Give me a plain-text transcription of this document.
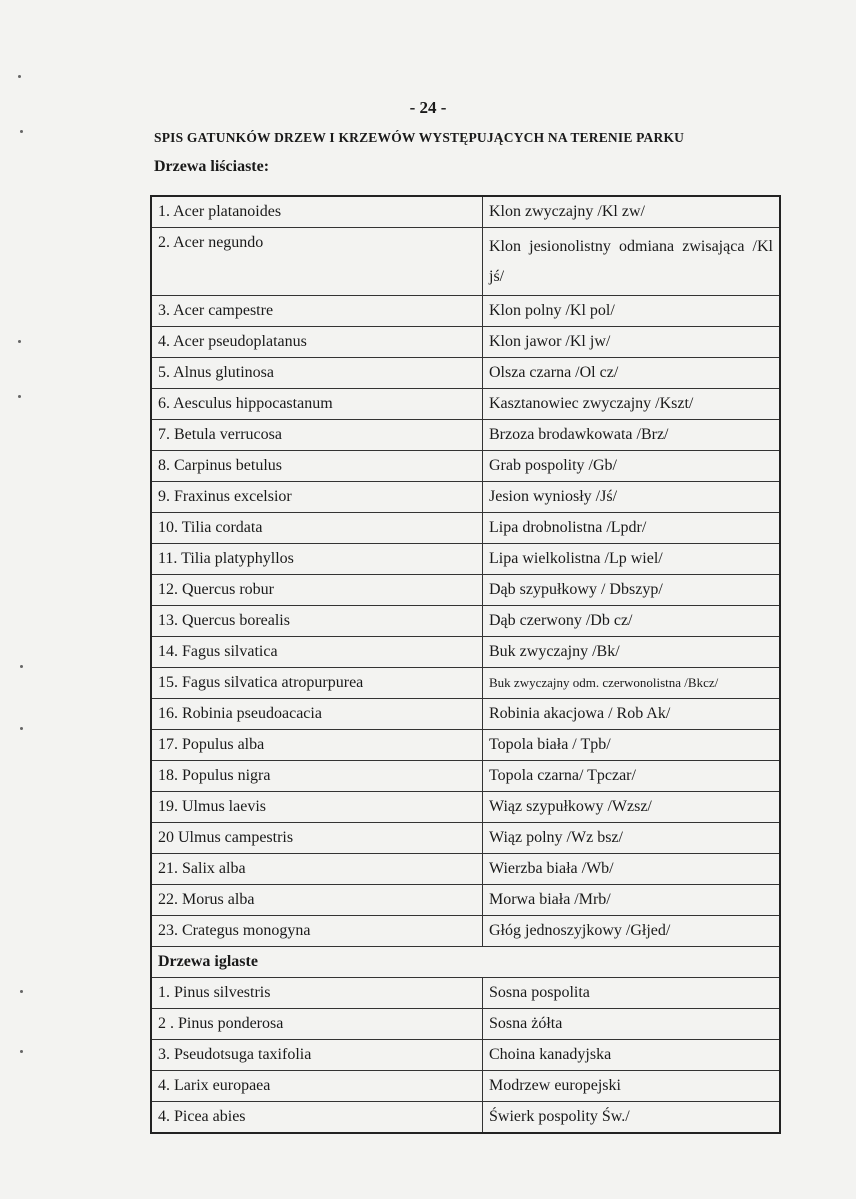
- 24 -
SPIS GATUNKÓW DRZEW I KRZEWÓW WYSTĘPUJĄCYCH NA TERENIE PARKU
Drzewa liściaste:
1. Acer platanoides	Klon zwyczajny /Kl zw/
2. Acer negundo	Klon jesionolistny odmiana zwisająca /Kl jś/
3. Acer campestre	Klon polny /Kl pol/
4. Acer pseudoplatanus	Klon jawor /Kl jw/
5. Alnus glutinosa	Olsza czarna /Ol cz/
6. Aesculus hippocastanum	Kasztanowiec zwyczajny /Kszt/
7. Betula verrucosa	Brzoza brodawkowata /Brz/
8. Carpinus betulus	Grab pospolity /Gb/
9. Fraxinus excelsior	Jesion wyniosły /Jś/
10. Tilia cordata	Lipa drobnolistna /Lpdr/
11. Tilia platyphyllos	Lipa wielkolistna /Lp wiel/
12. Quercus robur	Dąb szypułkowy / Dbszyp/
13. Quercus borealis	Dąb czerwony /Db cz/
14. Fagus silvatica	Buk zwyczajny /Bk/
15. Fagus silvatica atropurpurea	Buk zwyczajny odm. czerwonolistna /Bkcz/
16. Robinia pseudoacacia	Robinia akacjowa / Rob Ak/
17. Populus alba	Topola biała / Tpb/
18. Populus nigra	Topola czarna/ Tpczar/
19. Ulmus laevis	Wiąz szypułkowy /Wzsz/
20 Ulmus campestris	Wiąz polny /Wz bsz/
21. Salix alba	Wierzba biała /Wb/
22. Morus alba	Morwa biała /Mrb/
23. Crategus monogyna	Głóg jednoszyjkowy /Głjed/
Drzewa iglaste	
1. Pinus silvestris	Sosna pospolita
2 . Pinus ponderosa	Sosna żółta
3. Pseudotsuga taxifolia	Choina kanadyjska
4. Larix europaea	Modrzew europejski
4. Picea abies	Świerk pospolity Św./
